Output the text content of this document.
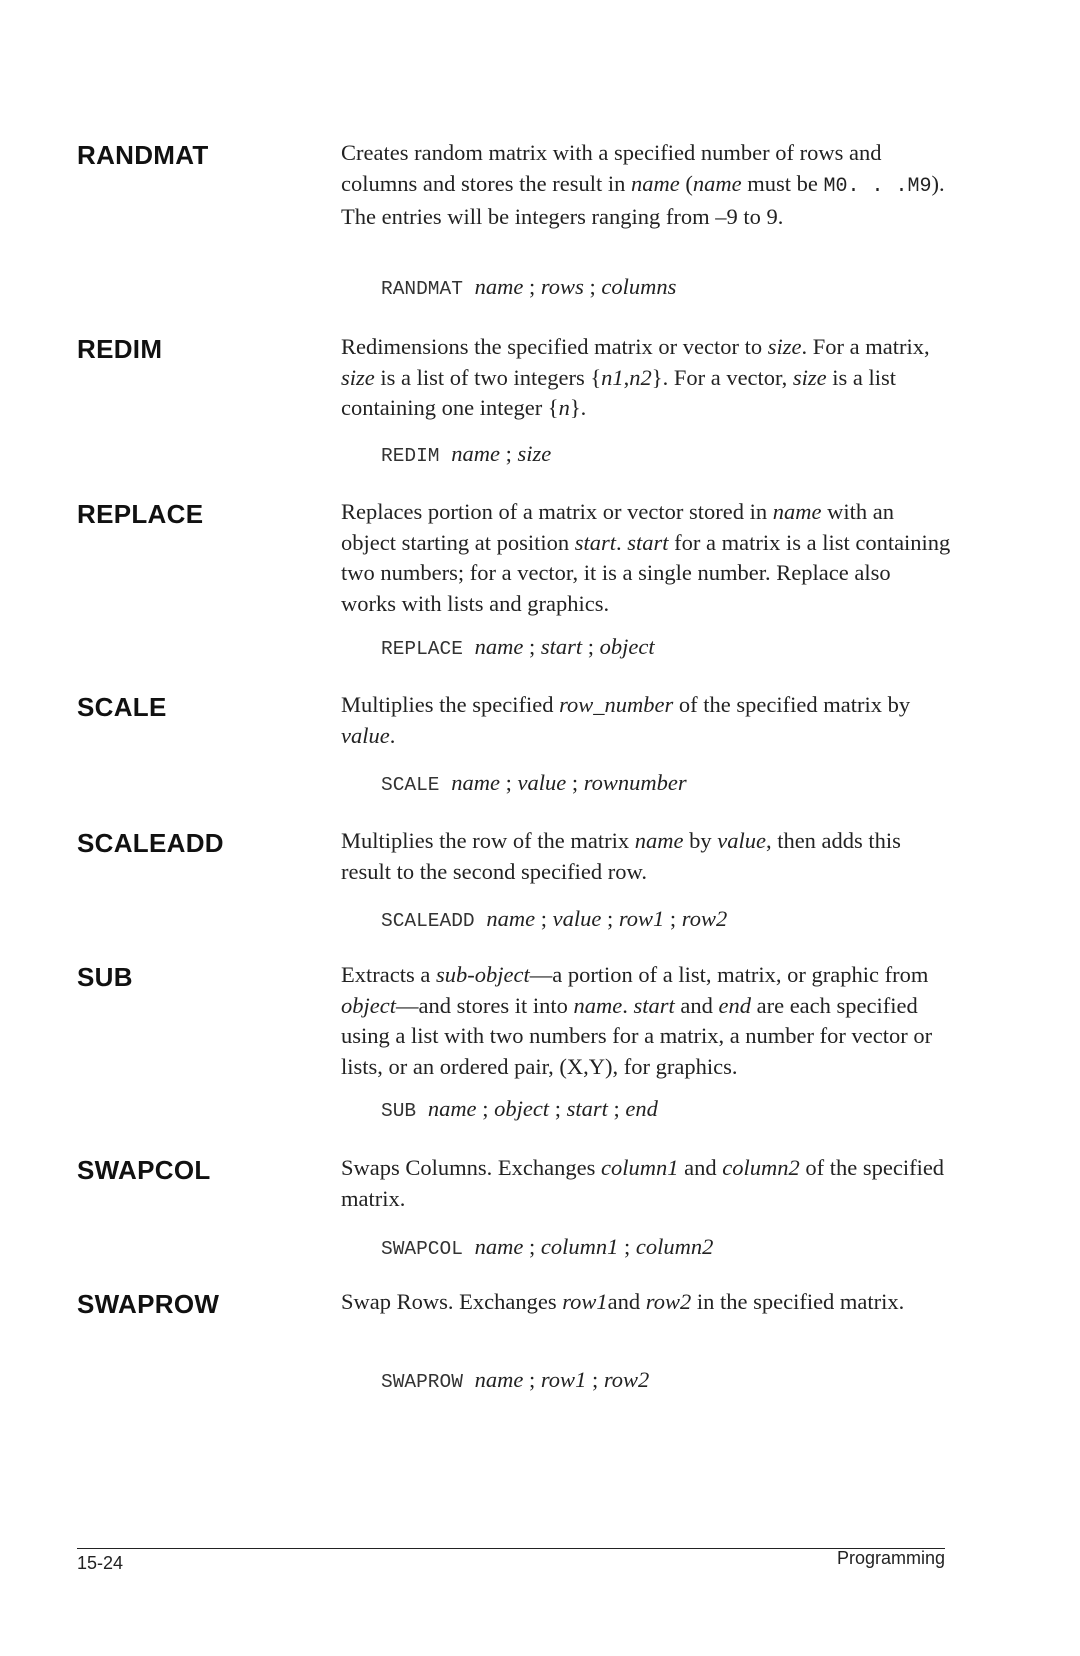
RANDMAT	Creates random matrix with a specified number of rows and columns and stores the result in name (name must be M0. . .M9). The entries will be integers ranging from –9 to 9.
RANDMAT name ; rows ; columns
REDIM	Redimensions the specified matrix or vector to size. For a matrix, size is a list of two integers {n1,n2}. For a vector, size is a list containing one integer {n}.
REDIM name ; size
REPLACE	Replaces portion of a matrix or vector stored in name with an object starting at position start. start for a matrix is a list containing two numbers; for a vector, it is a single number. Replace also works with lists and graphics.
REPLACE name ; start ; object
SCALE	Multiplies the specified row_number of the specified matrix by value.
SCALE name ; value ; rownumber
SCALEADD	Multiplies the row of the matrix name by value, then adds this result to the second specified row.
SCALEADD name ; value ; row1 ; row2
SUB	Extracts a sub-object—a portion of a list, matrix, or graphic from object—and stores it into name. start and end are each specified using a list with two numbers for a matrix, a number for vector or lists, or an ordered pair, (X,Y), for graphics.
SUB name ; object ; start ; end
SWAPCOL	Swaps Columns. Exchanges column1 and column2 of the specified matrix.
SWAPCOL name ; column1 ; column2
SWAPROW	Swap Rows. Exchanges row1and row2 in the specified matrix.
SWAPROW name ; row1 ; row2
15-24	Programming
